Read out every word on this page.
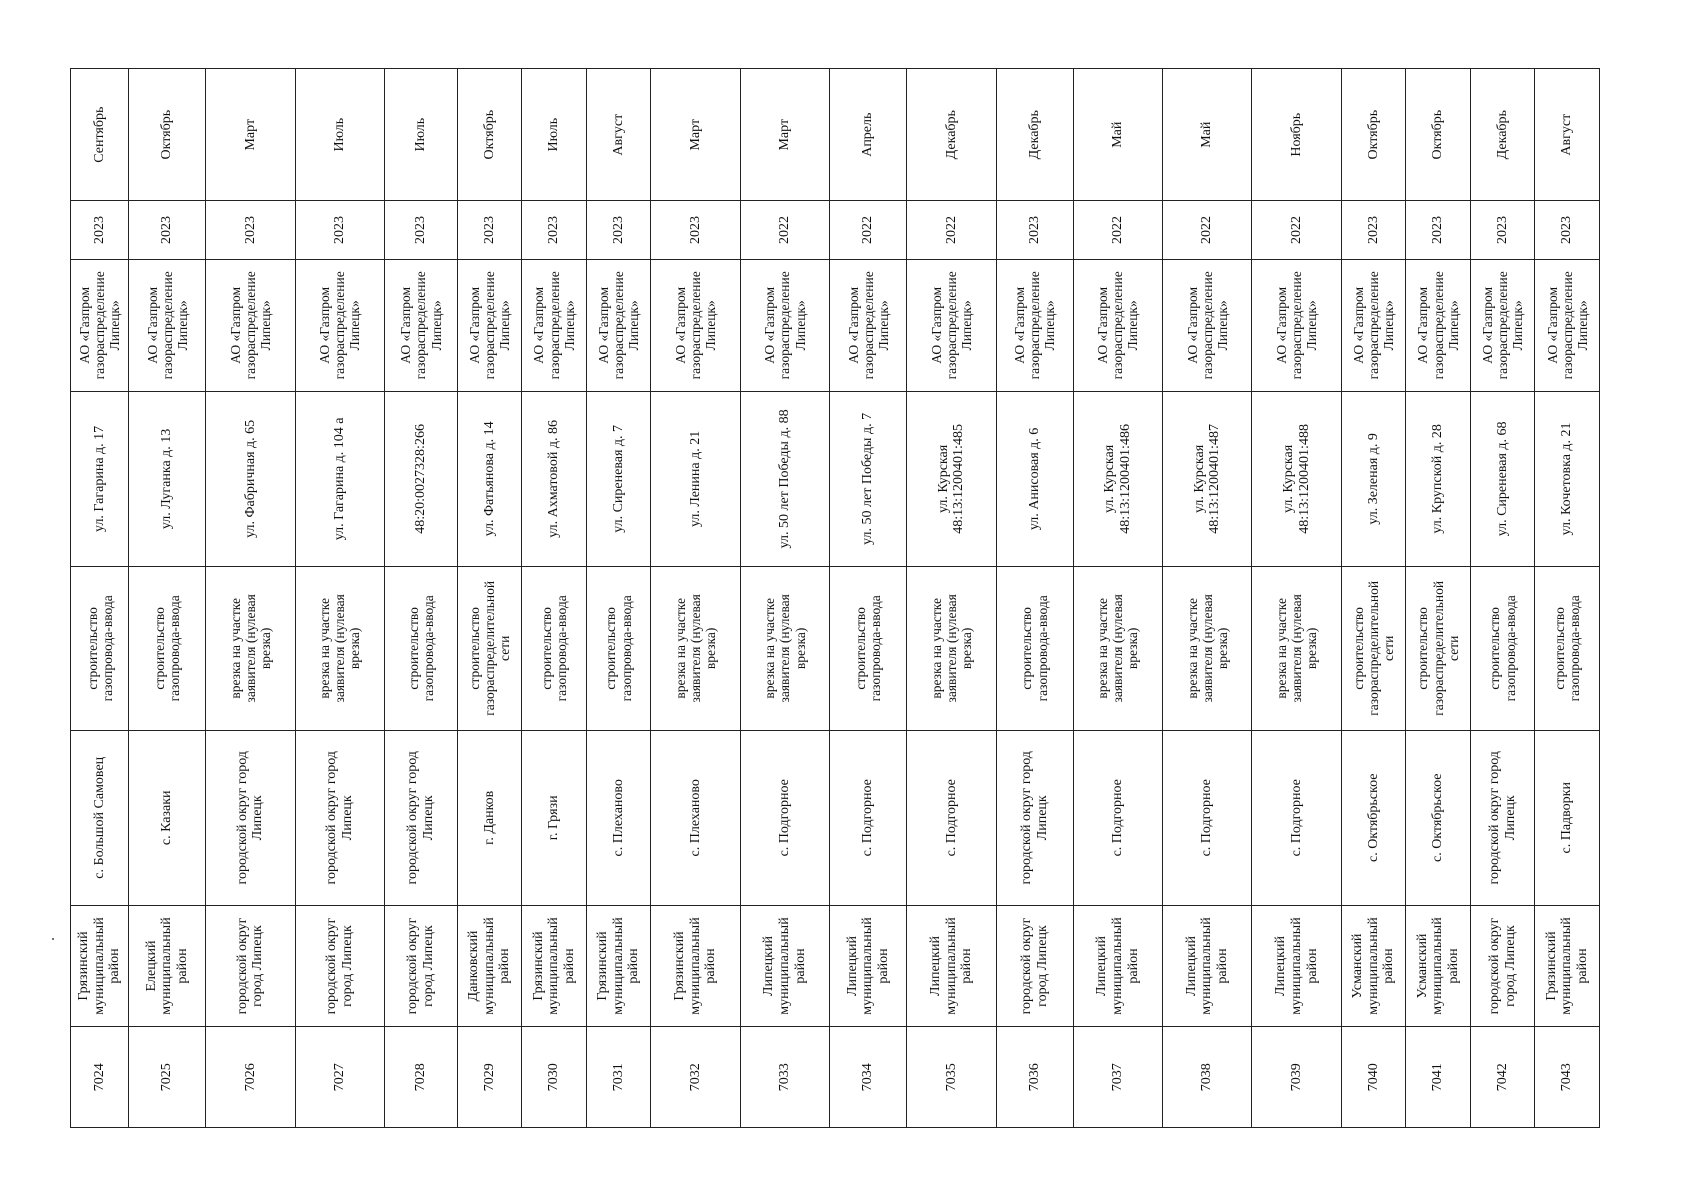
7024	Грязинский муниципальный район	с. Большой Самовец	строительство газопровода-ввода	ул. Гагарина д. 17	АО «Газпром газораспределение Липецк»	2023	Сентябрь
7025	Елецкий муниципальный район	с. Казаки	строительство газопровода-ввода	ул. Луганка д. 13	АО «Газпром газораспределение Липецк»	2023	Октябрь
7026	городской округ город Липецк	городской округ город Липецк	врезка на участке заявителя (нулевая врезка)	ул. Фабричная д. 65	АО «Газпром газораспределение Липецк»	2023	Март
7027	городской округ город Липецк	городской округ город Липецк	врезка на участке заявителя (нулевая врезка)	ул. Гагарина д. 104 а	АО «Газпром газораспределение Липецк»	2023	Июль
7028	городской округ город Липецк	городской округ город Липецк	строительство газопровода-ввода	48:20:0027328:266	АО «Газпром газораспределение Липецк»	2023	Июль
7029	Данковский муниципальный район	г. Данков	строительство газораспределительной сети	ул. Фатьянова д. 14	АО «Газпром газораспределение Липецк»	2023	Октябрь
7030	Грязинский муниципальный район	г. Грязи	строительство газопровода-ввода	ул. Ахматовой д. 86	АО «Газпром газораспределение Липецк»	2023	Июль
7031	Грязинский муниципальный район	с. Плеханово	строительство газопровода-ввода	ул. Сиреневая д. 7	АО «Газпром газораспределение Липецк»	2023	Август
7032	Грязинский муниципальный район	с. Плеханово	врезка на участке заявителя (нулевая врезка)	ул. Ленина д. 21	АО «Газпром газораспределение Липецк»	2023	Март
7033	Липецкий муниципальный район	с. Подгорное	врезка на участке заявителя (нулевая врезка)	ул. 50 лет Победы д. 88	АО «Газпром газораспределение Липецк»	2022	Март
7034	Липецкий муниципальный район	с. Подгорное	строительство газопровода-ввода	ул. 50 лет Победы д. 7	АО «Газпром газораспределение Липецк»	2022	Апрель
7035	Липецкий муниципальный район	с. Подгорное	врезка на участке заявителя (нулевая врезка)	ул. Курская 48:13:1200401:485	АО «Газпром газораспределение Липецк»	2022	Декабрь
7036	городской округ город Липецк	городской округ город Липецк	строительство газопровода-ввода	ул. Анисовая д. 6	АО «Газпром газораспределение Липецк»	2023	Декабрь
7037	Липецкий муниципальный район	с. Подгорное	врезка на участке заявителя (нулевая врезка)	ул. Курская 48:13:1200401:486	АО «Газпром газораспределение Липецк»	2022	Май
7038	Липецкий муниципальный район	с. Подгорное	врезка на участке заявителя (нулевая врезка)	ул. Курская 48:13:1200401:487	АО «Газпром газораспределение Липецк»	2022	Май
7039	Липецкий муниципальный район	с. Подгорное	врезка на участке заявителя (нулевая врезка)	ул. Курская 48:13:1200401:488	АО «Газпром газораспределение Липецк»	2022	Ноябрь
7040	Усманский муниципальный район	с. Октябрьское	строительство газораспределительной сети	ул. Зеленая д. 9	АО «Газпром газораспределение Липецк»	2023	Октябрь
7041	Усманский муниципальный район	с. Октябрьское	строительство газораспределительной сети	ул. Крупской д. 28	АО «Газпром газораспределение Липецк»	2023	Октябрь
7042	городской округ город Липецк	городской округ город Липецк	строительство газопровода-ввода	ул. Сиреневая д. 68	АО «Газпром газораспределение Липецк»	2023	Декабрь
7043	Грязинский муниципальный район	с. Падворки	строительство газопровода-ввода	ул. Кочетовка д. 21	АО «Газпром газораспределение Липецк»	2023	Август
